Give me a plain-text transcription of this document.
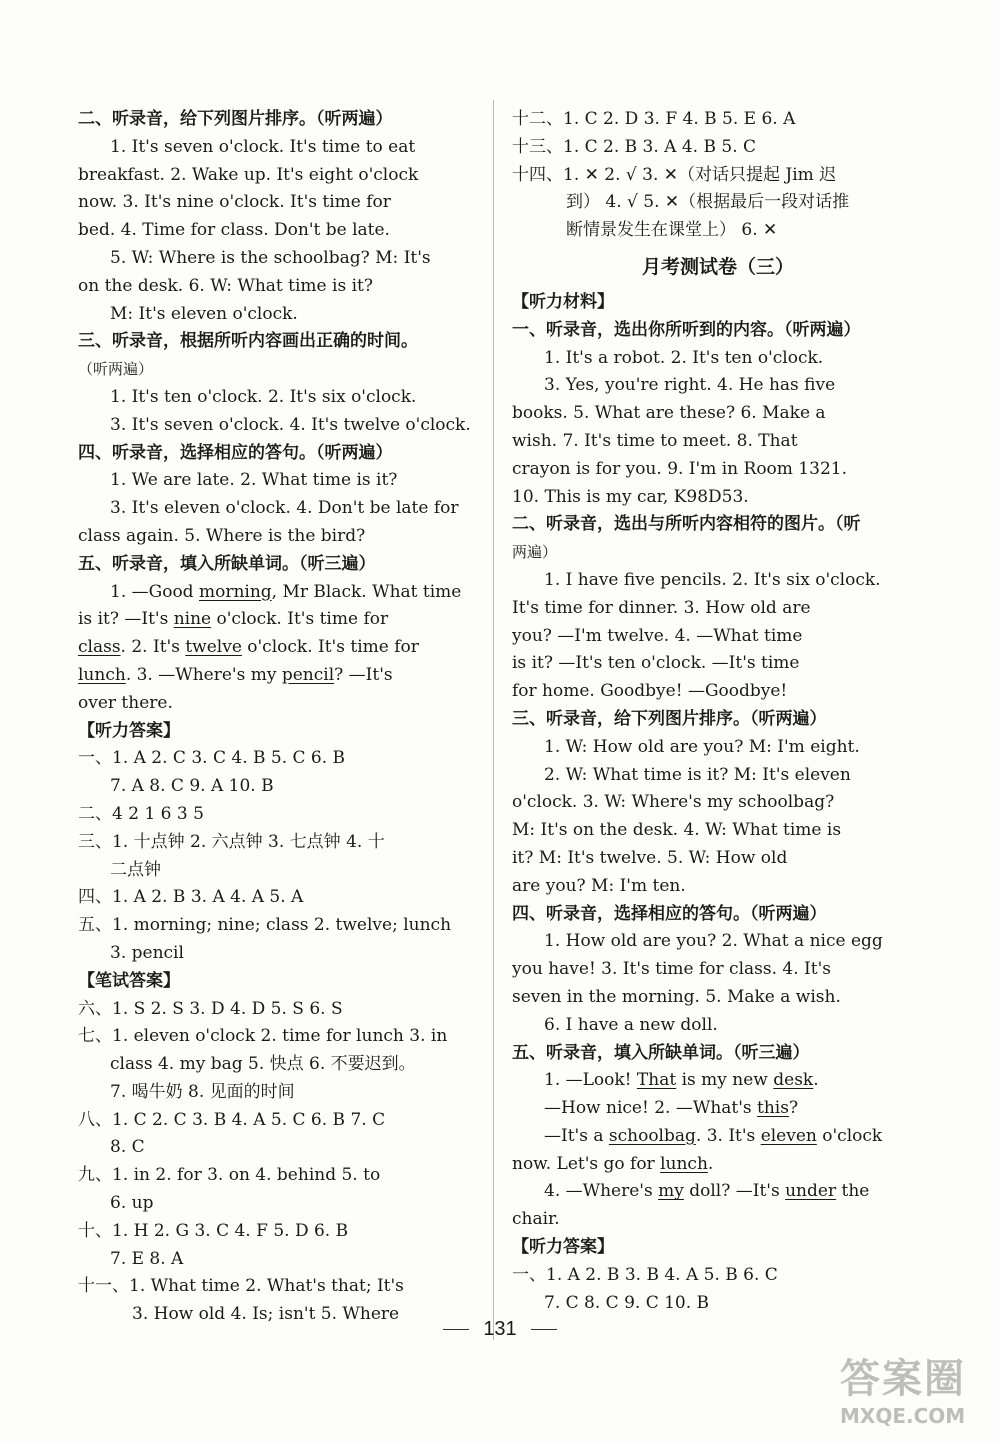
二、听录音，给下列图片排序。（听两遍）
1. It's seven o'clock. It's time to eat
breakfast. 2. Wake up. It's eight o'clock
now. 3. It's nine o'clock. It's time for
bed. 4. Time for class. Don't be late.
5. W: Where is the schoolbag? M: It's
on the desk. 6. W: What time is it?
M: It's eleven o'clock.
三、听录音，根据所听内容画出正确的时间。
（听两遍）
1. It's ten o'clock. 2. It's six o'clock.
3. It's seven o'clock. 4. It's twelve o'clock.
四、听录音，选择相应的答句。（听两遍）
1. We are late. 2. What time is it?
3. It's eleven o'clock. 4. Don't be late for
class again. 5. Where is the bird?
五、听录音，填入所缺单词。（听三遍）
1. —Good morning, Mr Black. What time
is it? —It's nine o'clock. It's time for
class. 2. It's twelve o'clock. It's time for
lunch. 3. —Where's my pencil? —It's
over there.
【听力答案】
一、1. A 2. C 3. C 4. B 5. C 6. B
7. A 8. C 9. A 10. B
二、4 2 1 6 3 5
三、1. 十点钟 2. 六点钟 3. 七点钟 4. 十
二点钟
四、1. A 2. B 3. A 4. A 5. A
五、1. morning; nine; class 2. twelve; lunch
3. pencil
【笔试答案】
六、1. S 2. S 3. D 4. D 5. S 6. S
七、1. eleven o'clock 2. time for lunch 3. in
class 4. my bag 5. 快点 6. 不要迟到。
7. 喝牛奶 8. 见面的时间
八、1. C 2. C 3. B 4. A 5. C 6. B 7. C
8. C
九、1. in 2. for 3. on 4. behind 5. to
6. up
十、1. H 2. G 3. C 4. F 5. D 6. B
7. E 8. A
十一、1. What time 2. What's that; It's
3. How old 4. Is; isn't 5. Where
十二、1. C 2. D 3. F 4. B 5. E 6. A
十三、1. C 2. B 3. A 4. B 5. C
十四、1. ✕ 2. √ 3. ✕（对话只提起 Jim 迟
到） 4. √ 5. ✕（根据最后一段对话推
断情景发生在课堂上） 6. ✕
月考测试卷（三）
【听力材料】
一、听录音，选出你所听到的内容。（听两遍）
1. It's a robot. 2. It's ten o'clock.
3. Yes, you're right. 4. He has five
books. 5. What are these? 6. Make a
wish. 7. It's time to meet. 8. That
crayon is for you. 9. I'm in Room 1321.
10. This is my car, K98D53.
二、听录音，选出与所听内容相符的图片。（听
两遍）
1. I have five pencils. 2. It's six o'clock.
It's time for dinner. 3. How old are
you? —I'm twelve. 4. —What time
is it? —It's ten o'clock. —It's time
for home. Goodbye! —Goodbye!
三、听录音，给下列图片排序。（听两遍）
1. W: How old are you? M: I'm eight.
2. W: What time is it? M: It's eleven
o'clock. 3. W: Where's my schoolbag?
M: It's on the desk. 4. W: What time is
it? M: It's twelve. 5. W: How old
are you? M: I'm ten.
四、听录音，选择相应的答句。（听两遍）
1. How old are you? 2. What a nice egg
you have! 3. It's time for class. 4. It's
seven in the morning. 5. Make a wish.
6. I have a new doll.
五、听录音，填入所缺单词。（听三遍）
1. —Look! That is my new desk.
—How nice! 2. —What's this?
—It's a schoolbag. 3. It's eleven o'clock
now. Let's go for lunch.
4. —Where's my doll? —It's under the
chair.
【听力答案】
一、1. A 2. B 3. B 4. A 5. B 6. C
7. C 8. C 9. C 10. B
131
答案圈
MXQE.COM
